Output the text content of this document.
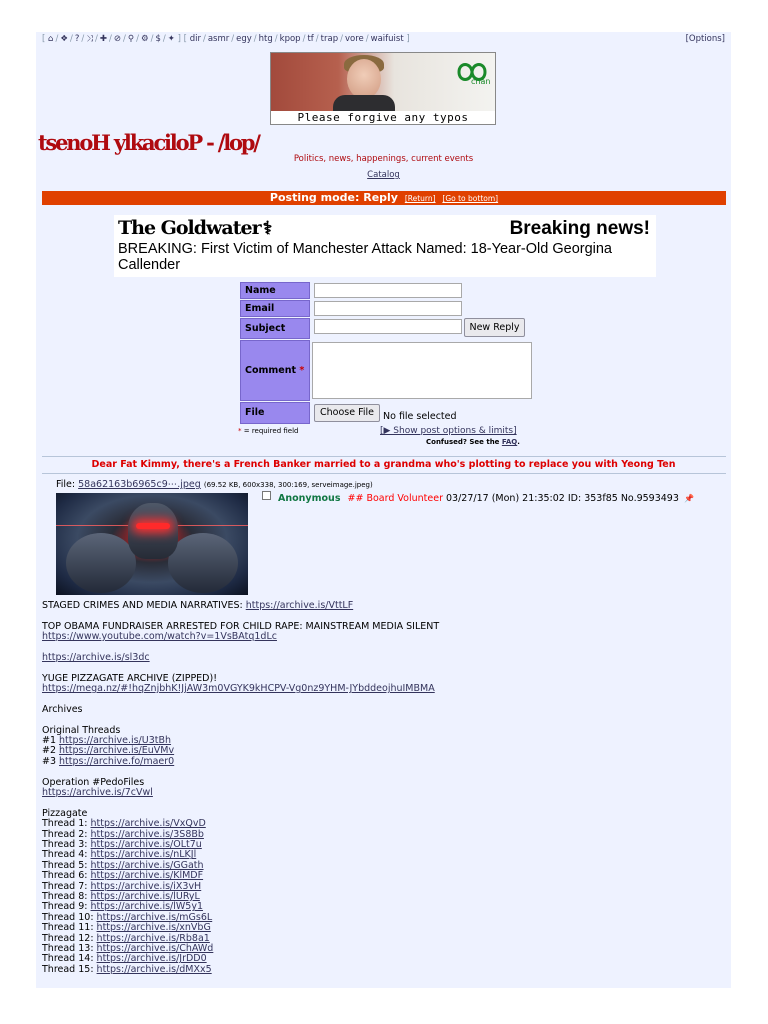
[ ⌂ / ❖ / ? / ⤨ / ✚ / ⊘ / ⚲ / ⚙ / $ / ✦ ] [ dir / asmr / egy / htg / kpop / tf / trap / vore / waifuist ]	[Options]
chan
Please forgive any typos
tsenoH ylkaciloP - /lop/
Politics, news, happenings, current events
Catalog
Posting mode: Reply [Return] [Go to bottom]
The Goldwater ⚕	Breaking news!
BREAKING: First Victim of Manchester Attack Named: 18-Year-Old Georgina Callender
Name
Email
Subject	New Reply
Comment *
File	Choose File No file selected
* = required field	[▶ Show post options & limits]
Confused? See the FAQ.
Dear Fat Kimmy, there's a French Banker married to a grandma who's plotting to replace you with Yeong Ten
File: 58a62163b6965c9⋯.jpeg (69.52 KB, 600x338, 300:169, serveimage.jpeg)
Anonymous ## Board Volunteer 03/27/17 (Mon) 21:35:02 ID: 353f85 No.9593493 📌
STAGED CRIMES AND MEDIA NARRATIVES: https://archive.is/VttLF
TOP OBAMA FUNDRAISER ARRESTED FOR CHILD RAPE: MAINSTREAM MEDIA SILENT
https://www.youtube.com/watch?v=1VsBAtq1dLc
https://archive.is/sl3dc
YUGE PIZZAGATE ARCHIVE (ZIPPED)!
https://mega.nz/#!hqZnjbhK!JjAW3m0VGYK9kHCPV-Vg0nz9YHM-JYbddeojhuIMBMA
Archives
Original Threads
#1 https://archive.is/U3tBh
#2 https://archive.is/EuVMv
#3 https://archive.fo/maer0
Operation #PedoFiles
https://archive.is/7cVwl
Pizzagate
Thread 1: https://archive.is/VxQvD
Thread 2: https://archive.is/3S8Bb
Thread 3: https://archive.is/OLt7u
Thread 4: https://archive.is/nLKJl
Thread 5: https://archive.is/GGath
Thread 6: https://archive.is/KlMDF
Thread 7: https://archive.is/iX3vH
Thread 8: https://archive.is/lURyL
Thread 9: https://archive.is/lW5y1
Thread 10: https://archive.is/mGs6L
Thread 11: https://archive.is/xnVbG
Thread 12: https://archive.is/Rb8a1
Thread 13: https://archive.is/ChAWd
Thread 14: https://archive.is/JrDD0
Thread 15: https://archive.is/dMXx5
